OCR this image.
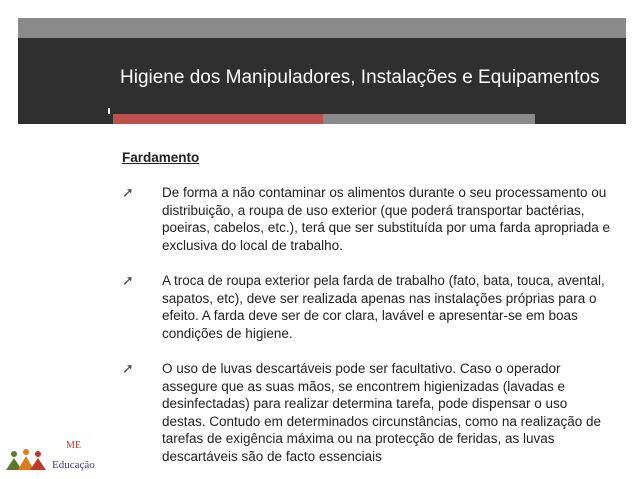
Higiene dos Manipuladores, Instalações e Equipamentos
Fardamento
➚	De forma a não contaminar os alimentos durante o seu processamento ou distribuição, a roupa de uso exterior (que poderá transportar bactérias, poeiras, cabelos, etc.), terá que ser substituída por uma farda apropriada e exclusiva do local de trabalho.
➚	A troca de roupa exterior pela farda de trabalho (fato, bata, touca, avental, sapatos, etc), deve ser realizada apenas nas instalações próprias para o efeito. A farda deve ser de cor clara, lavável e apresentar-se em boas condições de higiene.
➚	O uso de luvas descartáveis pode ser facultativo. Caso o operador assegure que as suas mãos, se encontrem higienizadas (lavadas e desinfectadas) para realizar determina tarefa, pode dispensar o uso destas. Contudo em determinados circunstâncias, como na realização de tarefas de exigência máxima ou na protecção de feridas, as luvas descartáveis são de facto essenciais
ME
Educação
